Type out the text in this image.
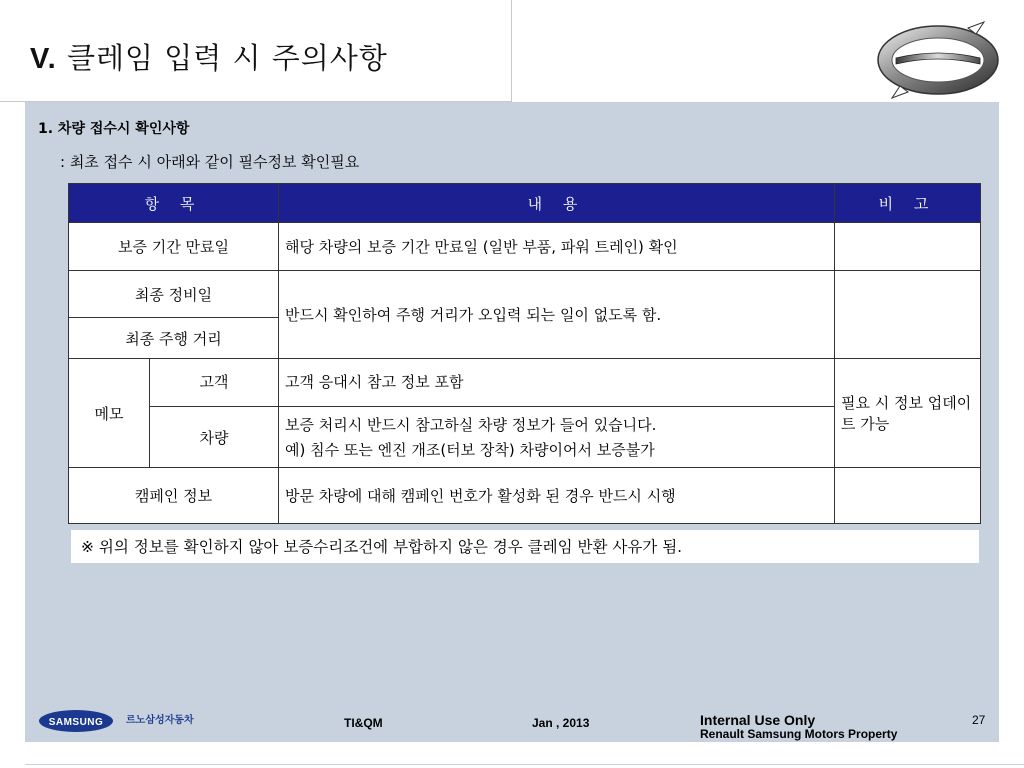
V. 클레임 입력 시 주의사항
1. 차량 접수시 확인사항
: 최초 접수 시 아래와 같이 필수정보 확인필요
항 목		내 용	비 고
보증 기간 만료일		해당 차량의 보증 기간 만료일 (일반 부품, 파워 트레인) 확인	
최종 정비일		반드시 확인하여 주행 거리가 오입력 되는 일이 없도록 함.	
최종 주행 거리			
메모	고객	고객 응대시 참고 정보 포함	필요 시 정보 업데이트 가능
	차량	보증 처리시 반드시 참고하실 차량 정보가 들어 있습니다.
예) 침수 또는 엔진 개조(터보 장착) 차량이어서 보증불가	

캠페인 정보		방문 차량에 대해 캠페인 번호가 활성화 된 경우 반드시 시행	
※ 위의 정보를 확인하지 않아 보증수리조건에 부합하지 않은 경우 클레임 반환 사유가 됨.
SAMSUNG 르노삼성자동차	TI&QM	Jan , 2013	Internal Use Only
Renault Samsung Motors Property
27
